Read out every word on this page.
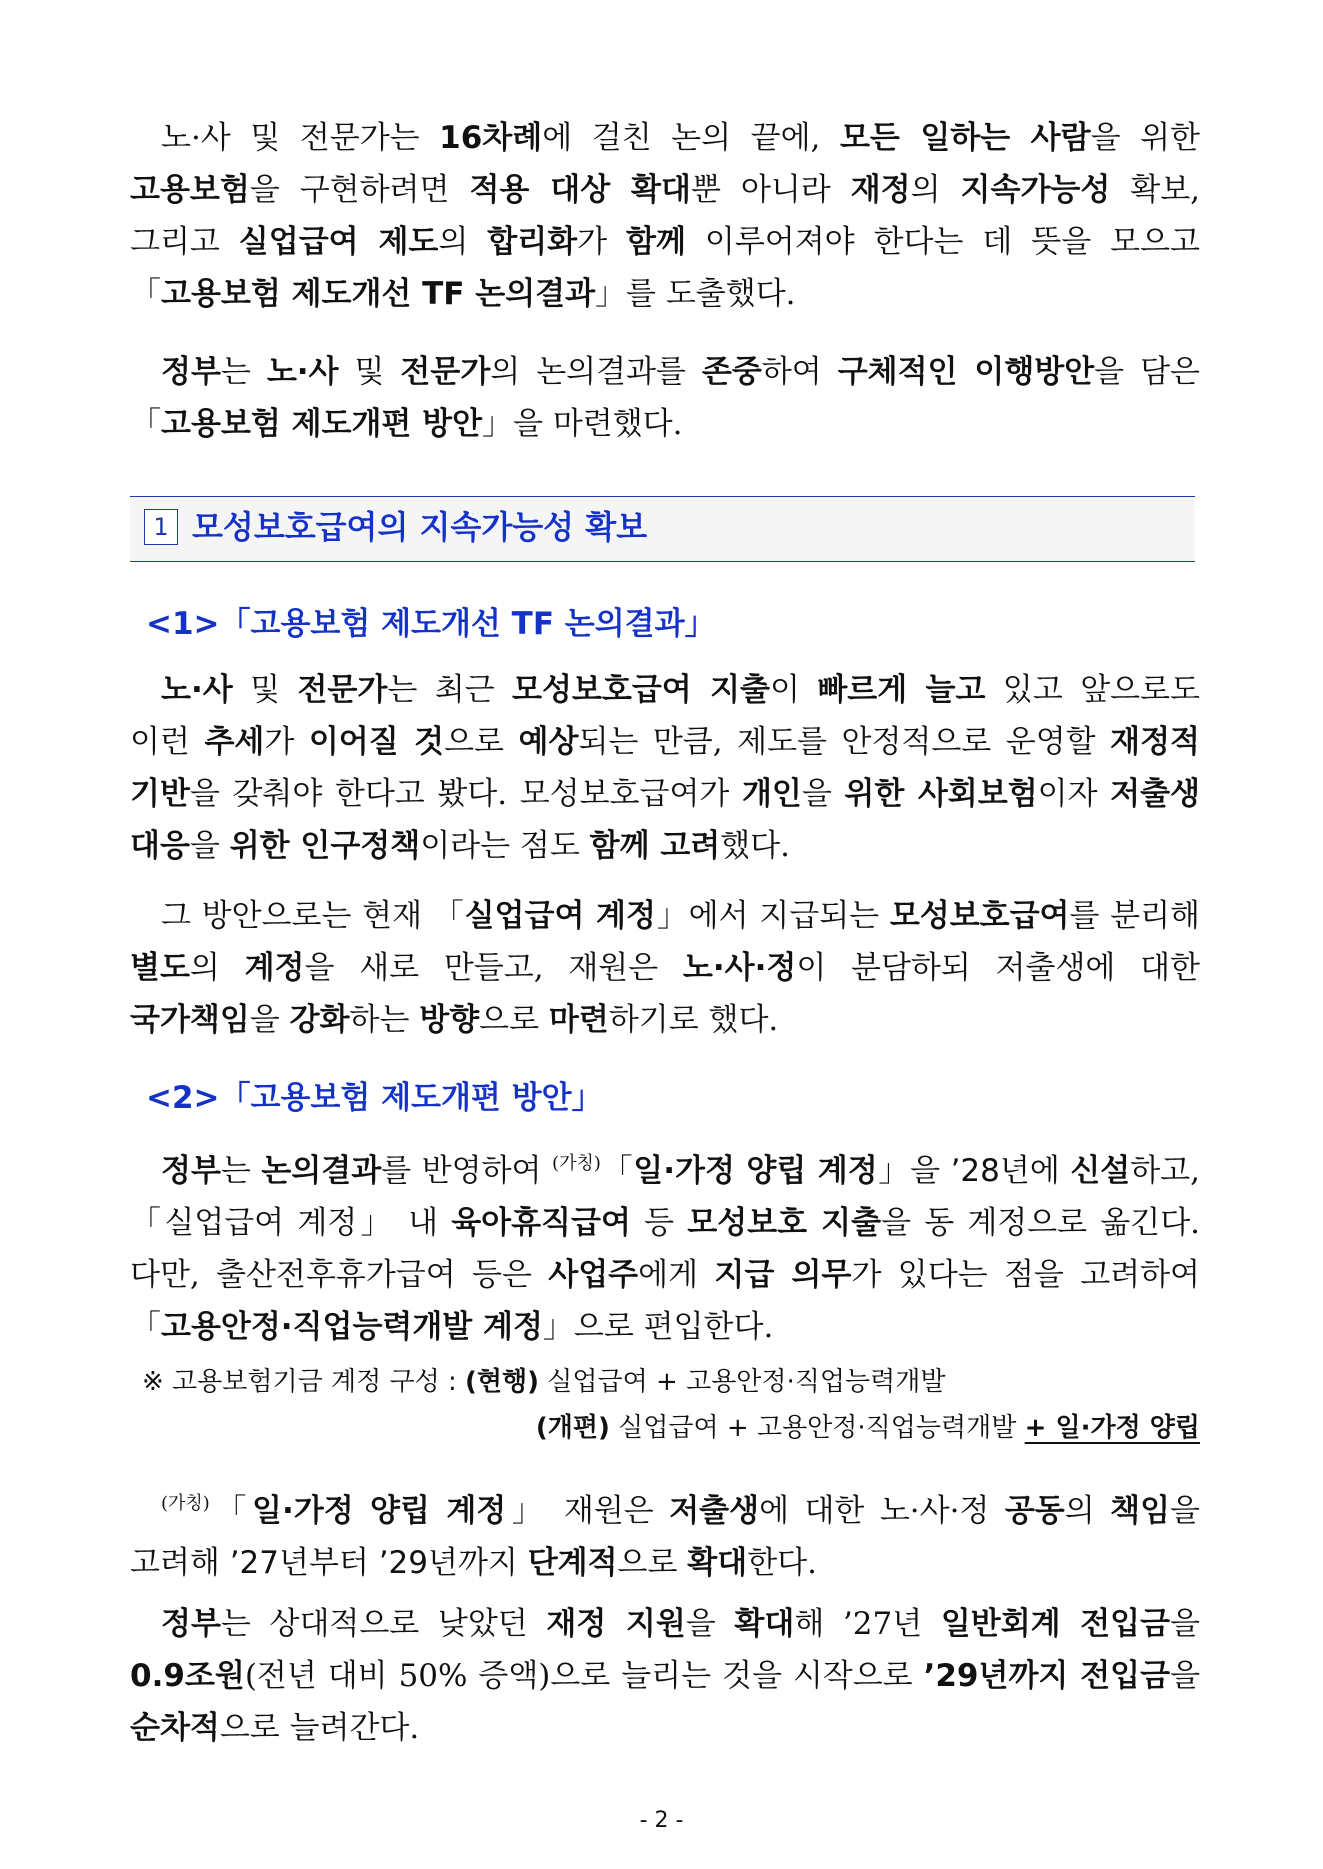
 노·사 및 전문가는 16차례에 걸친 논의 끝에, 모든 일하는 사람을 위한 고용보험을 구현하려면 적용 대상 확대뿐 아니라 재정의 지속가능성 확보, 그리고 실업급여 제도의 합리화가 함께 이루어져야 한다는 데 뜻을 모으고 「고용보험 제도개선 TF 논의결과」를 도출했다.

 정부는 노·사 및 전문가의 논의결과를 존중하여 구체적인 이행방안을 담은 「고용보험 제도개편 방안」을 마련했다.

1 모성보호급여의 지속가능성 확보
<1>「고용보험 제도개선 TF 논의결과」

 노·사 및 전문가는 최근 모성보호급여 지출이 빠르게 늘고 있고 앞으로도 이런 추세가 이어질 것으로 예상되는 만큼, 제도를 안정적으로 운영할 재정적 기반을 갖춰야 한다고 봤다. 모성보호급여가 개인을 위한 사회보험이자 저출생 대응을 위한 인구정책이라는 점도 함께 고려했다.

 그 방안으로는 현재 「실업급여 계정」에서 지급되는 모성보호급여를 분리해 별도의 계정을 새로 만들고, 재원은 노·사·정이 분담하되 저출생에 대한 국가책임을 강화하는 방향으로 마련하기로 했다.

<2>「고용보험 제도개편 방안」

 정부는 논의결과를 반영하여 $^{(가칭)}$「일·가정 양립 계정」을 ’28년에 신설하고, 「실업급여 계정」 내 육아휴직급여 등 모성보호 지출을 동 계정으로 옮긴다. 다만, 출산전후휴가급여 등은 사업주에게 지급 의무가 있다는 점을 고려하여 「고용안정·직업능력개발 계정」으로 편입한다.

※ 고용보험기금 계정 구성 : (현행) 실업급여 + 고용안정·직업능력개발
(개편) 실업급여 + 고용안정·직업능력개발 + 일·가정 양립

 $^{(가칭)}$「일·가정 양립 계정」 재원은 저출생에 대한 노·사·정 공동의 책임을 고려해 ’27년부터 ’29년까지 단계적으로 확대한다.

 정부는 상대적으로 낮았던 재정 지원을 확대해 ’27년 일반회계 전입금을 0.9조원(전년 대비 50% 증액)으로 늘리는 것을 시작으로 ’29년까지 전입금을 순차적으로 늘려간다.

- 2 -
